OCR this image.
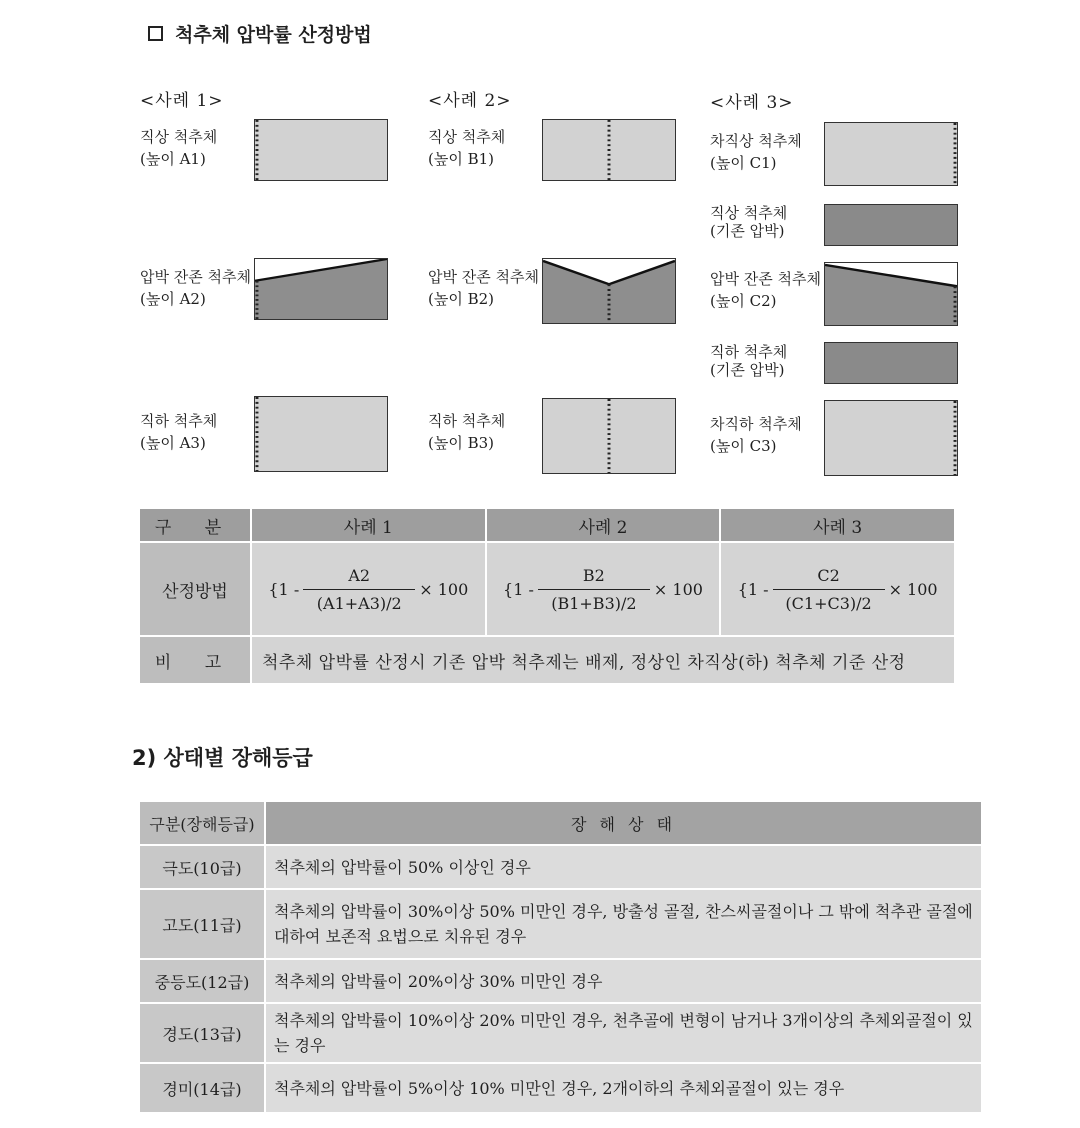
척추체 압박률 산정방법
<사례 1>	<사례 2>	<사례 3>
직상 척추체
(높이 A1)
압박 잔존 척추체
(높이 A2)
직하 척추체
(높이 A3)
직상 척추체
(높이 B1)
압박 잔존 척추체
(높이 B2)
직하 척추체
(높이 B3)
차직상 척추체
(높이 C1)
직상 척추체
(기존 압박)
압박 잔존 척추체
(높이 C2)
직하 척추체
(기존 압박)
차직하 척추체
(높이 C3)
구 분	사례 1	사례 2	사례 3
산정방법	{$1 - \frac{A2}{(A1+A3)/2} \times 100$	{$1 - \frac{B2}{(B1+B3)/2} \times 100$	{$1 - \frac{C2}{(C1+C3)/2} \times 100$

비 고	척추체 압박률 산정시 기존 압박 척추제는 배제, 정상인 차직상(하) 척추체 기준 산정		
2) 상태별 장해등급
구분(장해등급)	장 해 상 태
극도(10급)	척추체의 압박률이 50% 이상인 경우
고도(11급)	척추체의 압박률이 30%이상 50% 미만인 경우, 방출성 골절, 찬스씨골절이나 그 밖에 척추관 골절에 대하여 보존적 요법으로 치유된 경우
중등도(12급)	척추체의 압박률이 20%이상 30% 미만인 경우
경도(13급)	척추체의 압박률이 10%이상 20% 미만인 경우, 천추골에 변형이 남거나 3개이상의 추체외골절이 있는 경우
경미(14급)	척추체의 압박률이 5%이상 10% 미만인 경우, 2개이하의 추체외골절이 있는 경우
